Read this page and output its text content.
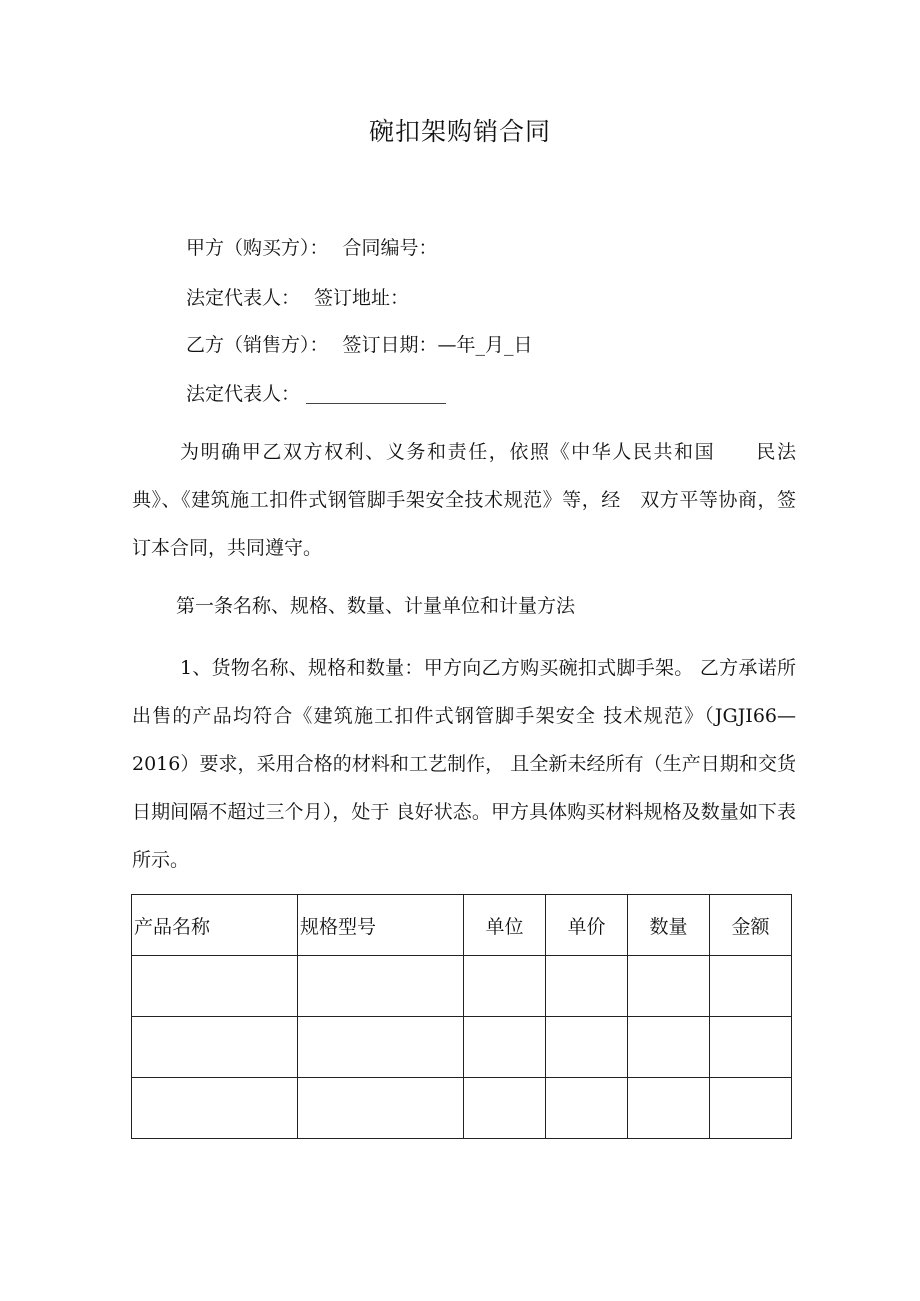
碗扣架购销合同
甲方（购买方）： 合同编号：
法定代表人： 签订地址：
乙方（销售方）： 签订日期：—年_月_日
法定代表人：

为明确甲乙双方权利、义务和责任，依照《中华人民共和国　　民法典》、《建筑施工扣件式钢管脚手架安全技术规范》等，经　双方平等协商，签订本合同，共同遵守。

第一条名称、规格、数量、计量单位和计量方法

1、货物名称、规格和数量：甲方向乙方购买碗扣式脚手架。 乙方承诺所出售的产品均符合《建筑施工扣件式钢管脚手架安全 技术规范》（JGJI66—2016）要求，采用合格的材料和工艺制作， 且全新未经所有（生产日期和交货日期间隔不超过三个月），处于 良好状态。甲方具体购买材料规格及数量如下表所示。

产品名称	规格型号	单位	单价	数量	金额
